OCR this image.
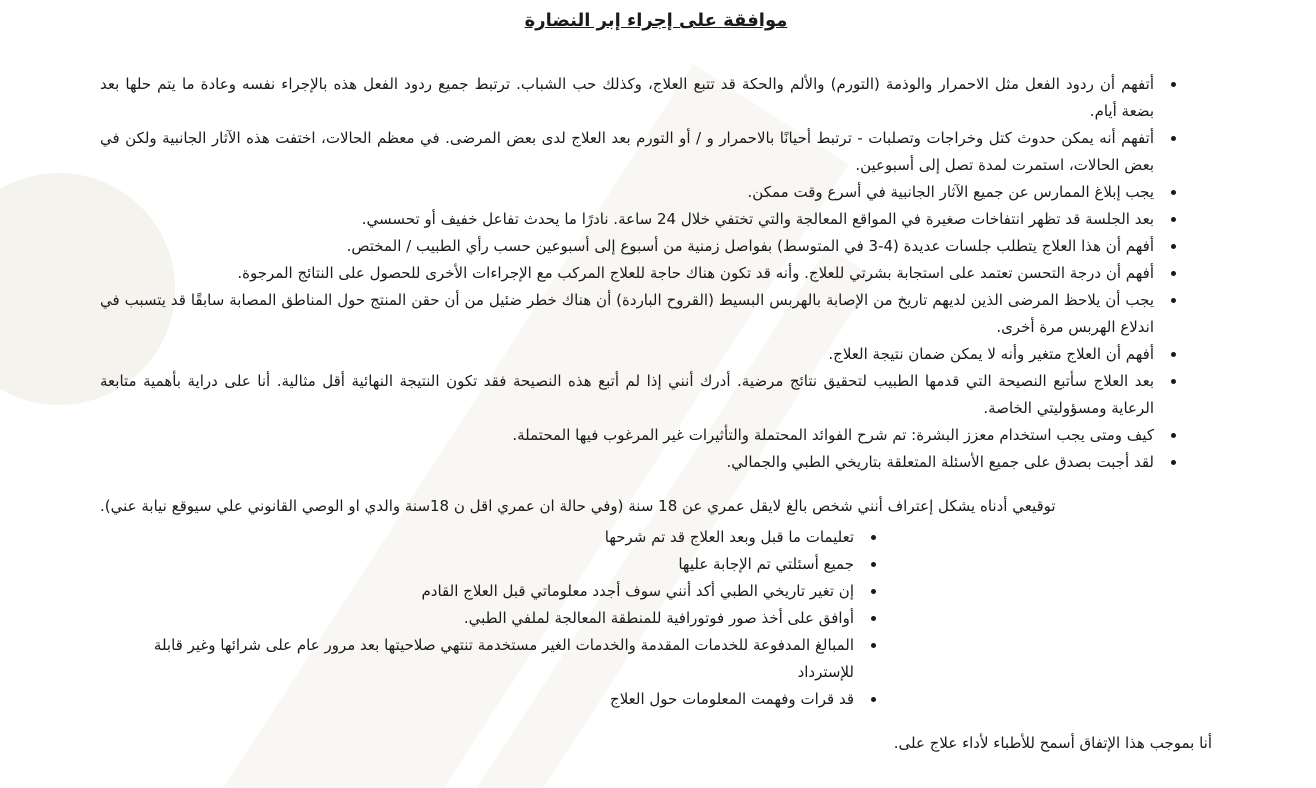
موافقة على إجراء إبر النضارة
• أتفهم أن ردود الفعل مثل الاحمرار والوذمة (التورم) والألم والحكة قد تتبع العلاج، وكذلك حب الشباب. ترتبط جميع ردود الفعل هذه بالإجراء نفسه وعادة ما يتم حلها بعد بضعة أيام.
• أتفهم أنه يمكن حدوث كتل وخراجات وتصلبات - ترتبط أحيانًا بالاحمرار و / أو التورم بعد العلاج لدى بعض المرضى. في معظم الحالات، اختفت هذه الآثار الجانبية ولكن في بعض الحالات، استمرت لمدة تصل إلى أسبوعين.
• يجب إبلاغ الممارس عن جميع الآثار الجانبية في أسرع وقت ممكن.
• بعد الجلسة قد تظهر انتفاخات صغيرة في المواقع المعالجة والتي تختفي خلال 24 ساعة. نادرًا ما يحدث تفاعل خفيف أو تحسسي.
• أفهم أن هذا العلاج يتطلب جلسات عديدة (4-3 في المتوسط) بفواصل زمنية من أسبوع إلى أسبوعين حسب رأي الطبيب / المختص.
• أفهم أن درجة التحسن تعتمد على استجابة بشرتي للعلاج. وأنه قد تكون هناك حاجة للعلاج المركب مع الإجراءات الأخرى للحصول على النتائج المرجوة.
• يجب أن يلاحظ المرضى الذين لديهم تاريخ من الإصابة بالهربس البسيط (القروح الباردة) أن هناك خطر ضئيل من أن حقن المنتج حول المناطق المصابة سابقًا قد يتسبب في اندلاع الهربس مرة أخرى.
• أفهم أن العلاج متغير وأنه لا يمكن ضمان نتيجة العلاج.
• بعد العلاج سأتبع النصيحة التي قدمها الطبيب لتحقيق نتائج مرضية. أدرك أنني إذا لم أتبع هذه النصيحة فقد تكون النتيجة النهائية أقل مثالية. أنا على دراية بأهمية متابعة الرعاية ومسؤوليتي الخاصة.
• كيف ومتى يجب استخدام معزز البشرة: تم شرح الفوائد المحتملة والتأثيرات غير المرغوب فيها المحتملة.
• لقد أجبت بصدق على جميع الأسئلة المتعلقة بتاريخي الطبي والجمالي.

توقيعي أدناه يشكل إعتراف أنني شخص بالغ لايقل عمري عن 18 سنة (وفي حالة ان عمري اقل ن 18سنة والدي او الوصي القانوني علي سيوقع نيابة عني).

• تعليمات ما قبل وبعد العلاج قد تم شرحها
• جميع أسئلتي تم الإجابة عليها
• إن تغير تاريخي الطبي أكد أنني سوف أجدد معلوماتي قبل العلاج القادم
• أوافق على أخذ صور فوتورافية للمنطقة المعالجة لملفي الطبي.
• المبالغ المدفوعة للخدمات المقدمة والخدمات الغير مستخدمة تنتهي صلاحيتها بعد مرور عام على شرائها وغير قابلة للإسترداد
• قد قرات وفهمت المعلومات حول العلاج

أنا بموجب هذا الإتفاق أسمح للأطباء لأداء علاج على.
